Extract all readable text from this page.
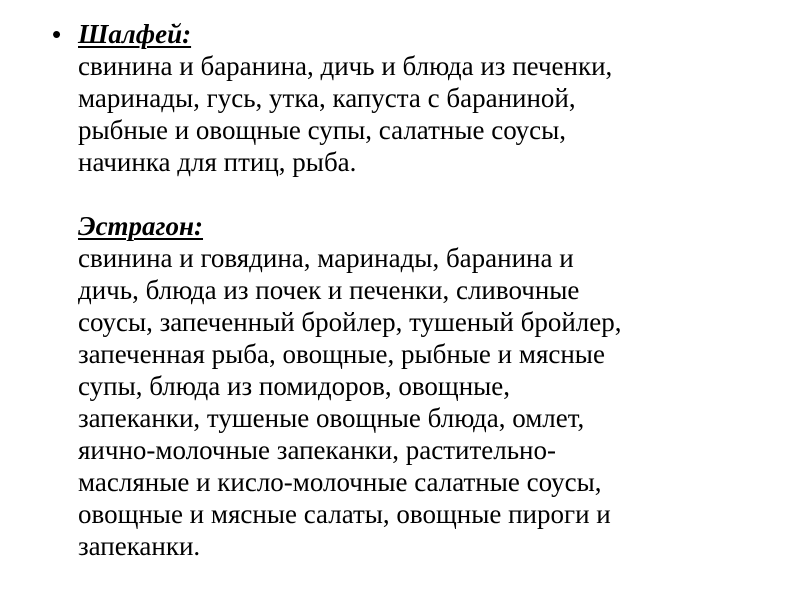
• Шалфей:
свинина и баранина, дичь и блюда из печенки,
маринады, гусь, утка, капуста с бараниной,
рыбные и овощные супы, салатные соусы,
начинка для птиц, рыба.
Эстрагон:
свинина и говядина, маринады, баранина и
дичь, блюда из почек и печенки, сливочные
соусы, запеченный бройлер, тушеный бройлер,
запеченная рыба, овощные, рыбные и мясные
супы, блюда из помидоров, овощные,
запеканки, тушеные овощные блюда, омлет,
яично-молочные запеканки, растительно-
масляные и кисло-молочные салатные соусы,
овощные и мясные салаты, овощные пироги и
запеканки.
